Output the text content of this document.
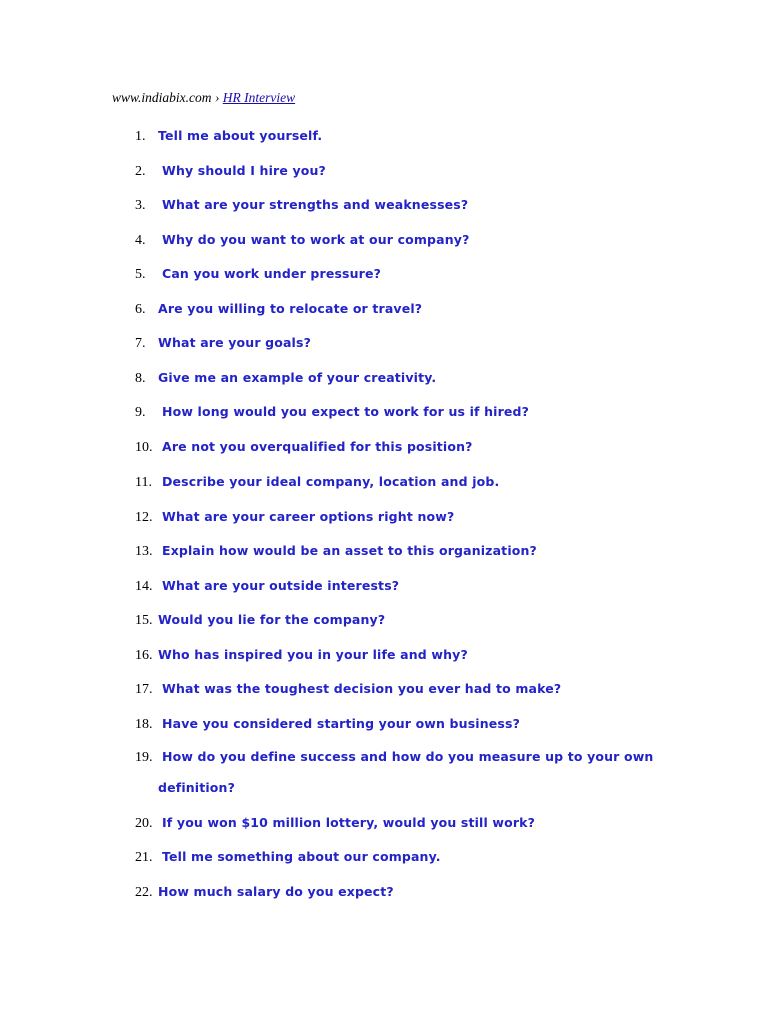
www.indiabix.com › HR Interview
1. Tell me about yourself.
2. Why should I hire you?
3. What are your strengths and weaknesses?
4. Why do you want to work at our company?
5. Can you work under pressure?
6. Are you willing to relocate or travel?
7. What are your goals?
8. Give me an example of your creativity.
9. How long would you expect to work for us if hired?
10. Are not you overqualified for this position?
11. Describe your ideal company, location and job.
12. What are your career options right now?
13. Explain how would be an asset to this organization?
14. What are your outside interests?
15. Would you lie for the company?
16. Who has inspired you in your life and why?
17. What was the toughest decision you ever had to make?
18. Have you considered starting your own business?
19. How do you define success and how do you measure up to your own
definition?
20. If you won $10 million lottery, would you still work?
21. Tell me something about our company.
22. How much salary do you expect?
